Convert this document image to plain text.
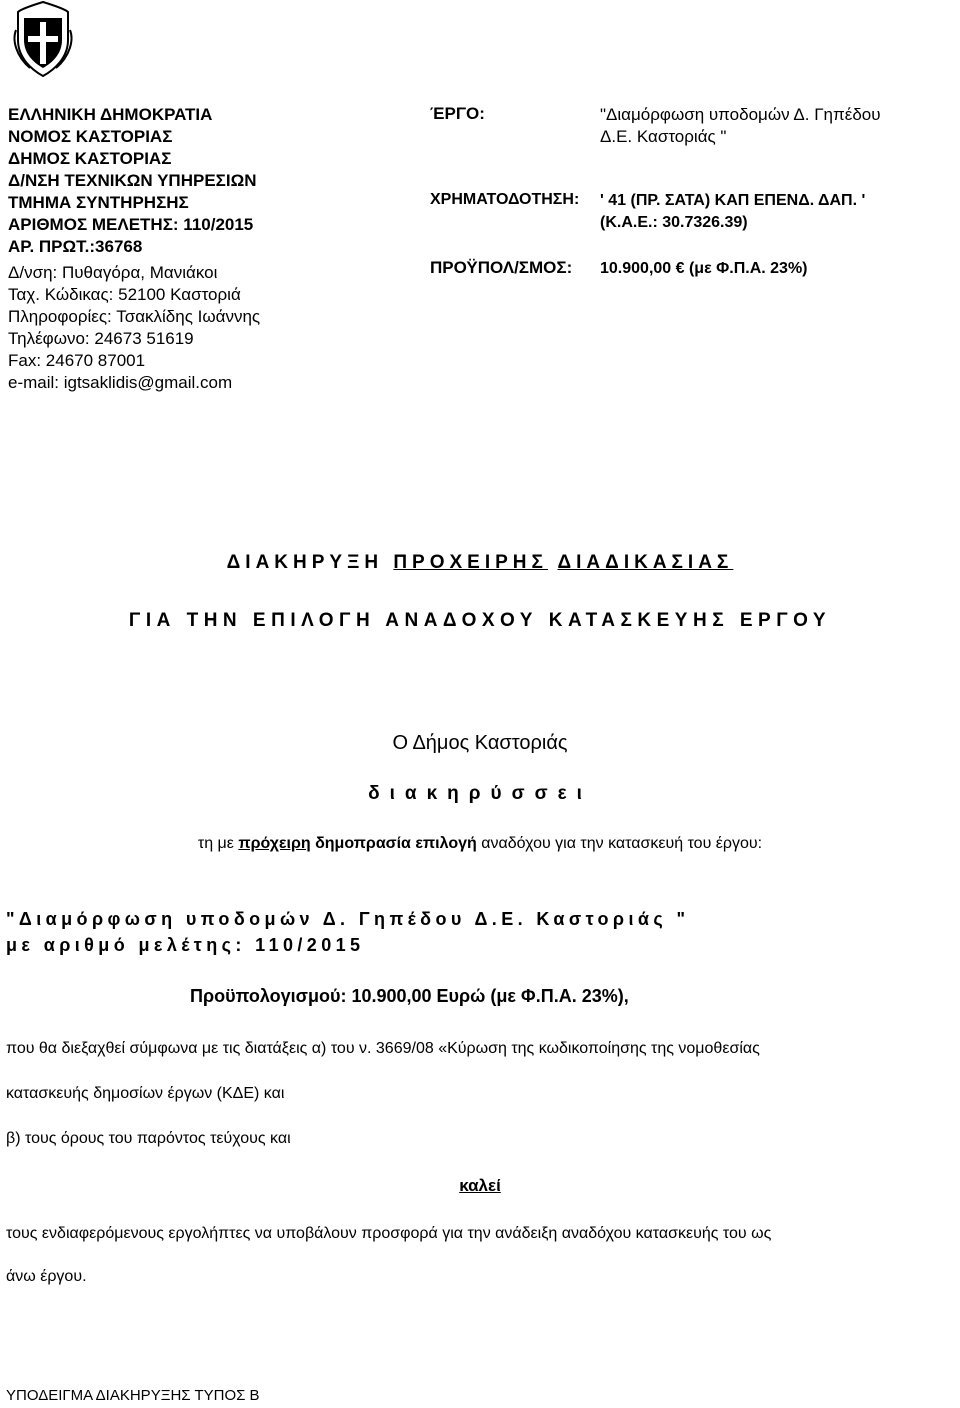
ΕΛΛΗΝΙΚΗ ΔΗΜΟΚΡΑΤΙΑ
ΝΟΜΟΣ ΚΑΣΤΟΡΙΑΣ
ΔΗΜΟΣ ΚΑΣΤΟΡΙΑΣ
Δ/ΝΣΗ ΤΕΧΝΙΚΩΝ ΥΠΗΡΕΣΙΩΝ
ΤΜΗΜΑ ΣΥΝΤΗΡΗΣΗΣ
ΑΡΙΘΜΟΣ ΜΕΛΕΤΗΣ: 110/2015
ΑΡ. ΠΡΩΤ.:36768
Δ/νση: Πυθαγόρα, Μανιάκοι
Ταχ. Κώδικας: 52100 Καστοριά
Πληροφορίες: Τσακλίδης Ιωάννης
Τηλέφωνο: 24673 51619
Fax: 24670 87001
e-mail: igtsaklidis@gmail.com
ΈΡΓΟ:	"Διαμόρφωση υποδομών Δ. Γηπέδου
Δ.Ε. Καστοριάς "
ΧΡΗΜΑΤΟΔΟΤΗΣΗ: ' 41 (ΠΡ. ΣΑΤΑ) ΚΑΠ ΕΠΕΝΔ. ΔΑΠ. '
(Κ.Α.Ε.: 30.7326.39)
ΠΡΟΫΠΟΛ/ΣΜΟΣ: 10.900,00 € (με Φ.Π.Α. 23%)
ΔΙΑΚΗΡΥΞΗ ΠΡΟΧΕΙΡΗΣ ΔΙΑΔΙΚΑΣΙΑΣ
ΓΙΑ ΤΗΝ ΕΠΙΛΟΓΗ ΑΝΑΔΟΧΟΥ ΚΑΤΑΣΚΕΥΗΣ ΕΡΓΟΥ
Ο Δήμος Καστοριάς
διακηρύσσει
τη με πρόχειρη δημοπρασία επιλογή αναδόχου για την κατασκευή του έργου:
"Διαμόρφωση υποδομών Δ. Γηπέδου Δ.Ε. Καστοριάς "
με αριθμό μελέτης: 110/2015
Προϋπολογισμού: 10.900,00 Ευρώ (με Φ.Π.Α. 23%),
που θα διεξαχθεί σύμφωνα με τις διατάξεις α) του ν. 3669/08 «Κύρωση της κωδικοποίησης της νομοθεσίας
κατασκευής δημοσίων έργων (ΚΔΕ) και
β) τους όρους του παρόντος τεύχους και
καλεί
τους ενδιαφερόμενους εργολήπτες να υποβάλουν προσφορά για την ανάδειξη αναδόχου κατασκευής του ως
άνω έργου.
ΥΠΟΔΕΙΓΜΑ ΔΙΑΚΗΡΥΞΗΣ ΤΥΠΟΣ Β
